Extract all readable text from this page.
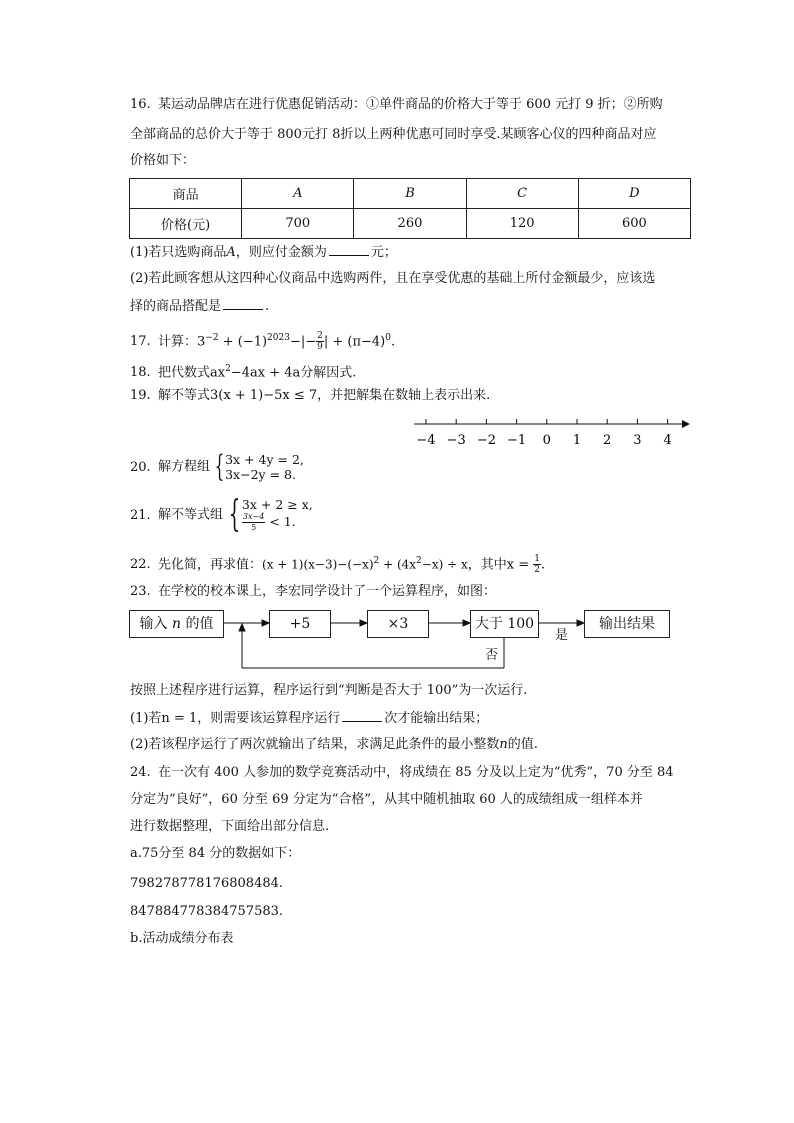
16. 某运动品牌店在进行优惠促销活动：①单件商品的价格大于等于 600 元打 9 折；②所购
全部商品的总价大于等于 800元打 8折以上两种优惠可同时享受.某顾客心仪的四种商品对应
价格如下：
商品	A	B	C	D
价格(元)	700	260	120	600
(1)若只选购商品A，则应付金额为	元；
(2)若此顾客想从这四种心仪商品中选购两件，且在享受优惠的基础上所付金额最少，应该选
择的商品搭配是	.
17. 计算：$3^{-2} + (-1)^{2023}-|- \frac{2}{9}| + (\pi-4)^0$.
18. 把代数式$ax^2-4ax + 4a$分解因式.
19. 解不等式3(x + 1)−5x ≤ 7，并把解集在数轴上表示出来.
−4 −3 −2 −1 0 1 2 3 4
20. 解方程组 {3x + 4y = 2,
3x−2y = 8.
21. 解不等式组 { 3x + 2 ≥ x,

$\frac{3x-4}{5} < 1$.
22. 先化简，再求值：$(x + 1)(x-3)-(-x)^2 + (4x^2-x) \div x$，其中$x = \frac{1}{2}$.
23. 在学校的校本课上，李宏同学设计了一个运算程序，如图：
输入 n 的值	+5	×3	大于 100
是
输出结果
否
按照上述程序进行运算，程序运行到“判断是否大于 100”为一次运行.
(1)若n = 1，则需要该运算程序运行	次才能输出结果；
(2)若该程序运行了两次就输出了结果，求满足此条件的最小整数n的值.
24. 在一次有 400 人参加的数学竞赛活动中，将成绩在 85 分及以上定为“优秀”，70 分至 84
分定为“良好”，60 分至 69 分定为“合格”，从其中随机抽取 60 人的成绩组成一组样本并
进行数据整理，下面给出部分信息.
a.75分至 84 分的数据如下：
798278778176808484.
847884778384757583.
b.活动成绩分布表
